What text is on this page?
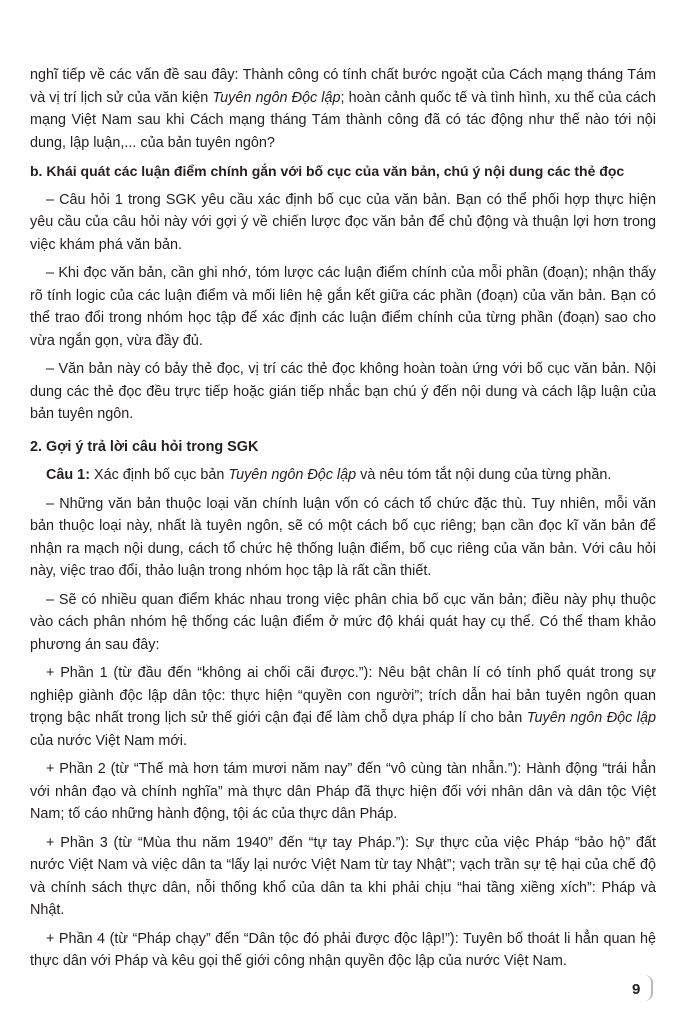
nghĩ tiếp về các vấn đề sau đây: Thành công có tính chất bước ngoặt của Cách mạng tháng Tám và vị trí lịch sử của văn kiện Tuyên ngôn Độc lập; hoàn cảnh quốc tế và tình hình, xu thế của cách mạng Việt Nam sau khi Cách mạng tháng Tám thành công đã có tác động như thế nào tới nội dung, lập luận,... của bản tuyên ngôn?

b. Khái quát các luận điểm chính gắn với bố cục của văn bản, chú ý nội dung các thẻ đọc

– Câu hỏi 1 trong SGK yêu cầu xác định bố cục của văn bản. Bạn có thể phối hợp thực hiện yêu cầu của câu hỏi này với gợi ý về chiến lược đọc văn bản để chủ động và thuận lợi hơn trong việc khám phá văn bản.

– Khi đọc văn bản, cần ghi nhớ, tóm lược các luận điểm chính của mỗi phần (đoạn); nhận thấy rõ tính logic của các luận điểm và mối liên hệ gắn kết giữa các phần (đoạn) của văn bản. Bạn có thể trao đổi trong nhóm học tập để xác định các luận điểm chính của từng phần (đoạn) sao cho vừa ngắn gọn, vừa đầy đủ.

– Văn bản này có bảy thẻ đọc, vị trí các thẻ đọc không hoàn toàn ứng với bố cục văn bản. Nội dung các thẻ đọc đều trực tiếp hoặc gián tiếp nhắc bạn chú ý đến nội dung và cách lập luận của bản tuyên ngôn.

2. Gợi ý trả lời câu hỏi trong SGK

Câu 1: Xác định bố cục bản Tuyên ngôn Độc lập và nêu tóm tắt nội dung của từng phần.

– Những văn bản thuộc loại văn chính luận vốn có cách tổ chức đặc thù. Tuy nhiên, mỗi văn bản thuộc loại này, nhất là tuyên ngôn, sẽ có một cách bố cục riêng; bạn cần đọc kĩ văn bản để nhận ra mạch nội dung, cách tổ chức hệ thống luận điểm, bố cục riêng của văn bản. Với câu hỏi này, việc trao đổi, thảo luận trong nhóm học tập là rất cần thiết.

– Sẽ có nhiều quan điểm khác nhau trong việc phân chia bố cục văn bản; điều này phụ thuộc vào cách phân nhóm hệ thống các luận điểm ở mức độ khái quát hay cụ thể. Có thể tham khảo phương án sau đây:

+ Phần 1 (từ đầu đến “không ai chối cãi được.”): Nêu bật chân lí có tính phổ quát trong sự nghiệp giành độc lập dân tộc: thực hiện “quyền con người”; trích dẫn hai bản tuyên ngôn quan trọng bậc nhất trong lịch sử thế giới cận đại để làm chỗ dựa pháp lí cho bản Tuyên ngôn Độc lập của nước Việt Nam mới.

+ Phần 2 (từ “Thế mà hơn tám mươi năm nay” đến “vô cùng tàn nhẫn.”): Hành động “trái hẳn với nhân đạo và chính nghĩa” mà thực dân Pháp đã thực hiện đối với nhân dân và dân tộc Việt Nam; tố cáo những hành động, tội ác của thực dân Pháp.

+ Phần 3 (từ “Mùa thu năm 1940” đến “tự tay Pháp.”): Sự thực của việc Pháp “bảo hộ” đất nước Việt Nam và việc dân ta “lấy lại nước Việt Nam từ tay Nhật”; vạch trần sự tệ hại của chế độ và chính sách thực dân, nỗi thống khổ của dân ta khi phải chịu “hai tầng xiềng xích”: Pháp và Nhật.

+ Phần 4 (từ “Pháp chạy” đến “Dân tộc đó phải được độc lập!”): Tuyên bố thoát li hẳn quan hệ thực dân với Pháp và kêu gọi thế giới công nhận quyền độc lập của nước Việt Nam.

9
